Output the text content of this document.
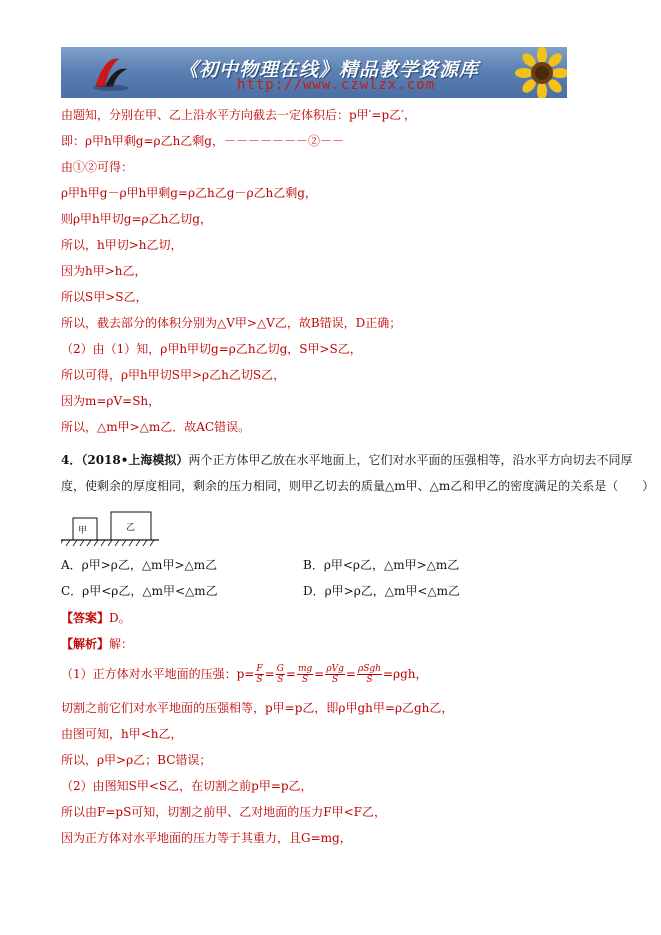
《初中物理在线》精品教学资源库
http://www.czwlzx.com
由题知，分别在甲、乙上沿水平方向截去一定体积后：p甲′=p乙′，
即：ρ甲h甲剩g=ρ乙h乙剩g，－－－－－－－②－－
由①②可得：
ρ甲h甲g－ρ甲h甲剩g=ρ乙h乙g－ρ乙h乙剩g，
则ρ甲h甲切g=ρ乙h乙切g，
所以，h甲切>h乙切，
因为h甲>h乙，
所以S甲>S乙，
所以，截去部分的体积分别为△V甲>△V乙，故B错误，D正确；
（2）由（1）知，ρ甲h甲切g=ρ乙h乙切g，S甲>S乙，
所以可得，ρ甲h甲切S甲>ρ乙h乙切S乙，
因为m=ρV=Sh，
所以，△m甲>△m乙．故AC错误。
4．（2018•上海模拟）两个正方体甲乙放在水平地面上，它们对水平面的压强相等，沿水平方向切去不同厚
度，使剩余的厚度相同，剩余的压力相同，则甲乙切去的质量△m甲、△m乙和甲乙的密度满足的关系是（　　）
甲	乙
A．ρ甲>ρ乙，△m甲>△m乙	B．ρ甲<ρ乙，△m甲>△m乙
C．ρ甲<ρ乙，△m甲<△m乙	D．ρ甲>ρ乙，△m甲<△m乙
【答案】D。
【解析】解：
（1）正方体对水平地面的压强：$p= \frac{F}{S} = \frac{G}{S} = \frac{mg}{S} = \frac{\text{ρVg}}{S} = \frac{\text{ρSgh}}{S} =\rho gh$，
切割之前它们对水平地面的压强相等，p甲=p乙，即ρ甲gh甲=ρ乙gh乙，
由图可知，h甲<h乙，
所以，ρ甲>ρ乙；BC错误；
（2）由图知S甲<S乙，在切割之前p甲=p乙，
所以由F=pS可知，切割之前甲、乙对地面的压力F甲<F乙，
因为正方体对水平地面的压力等于其重力，且G=mg，
